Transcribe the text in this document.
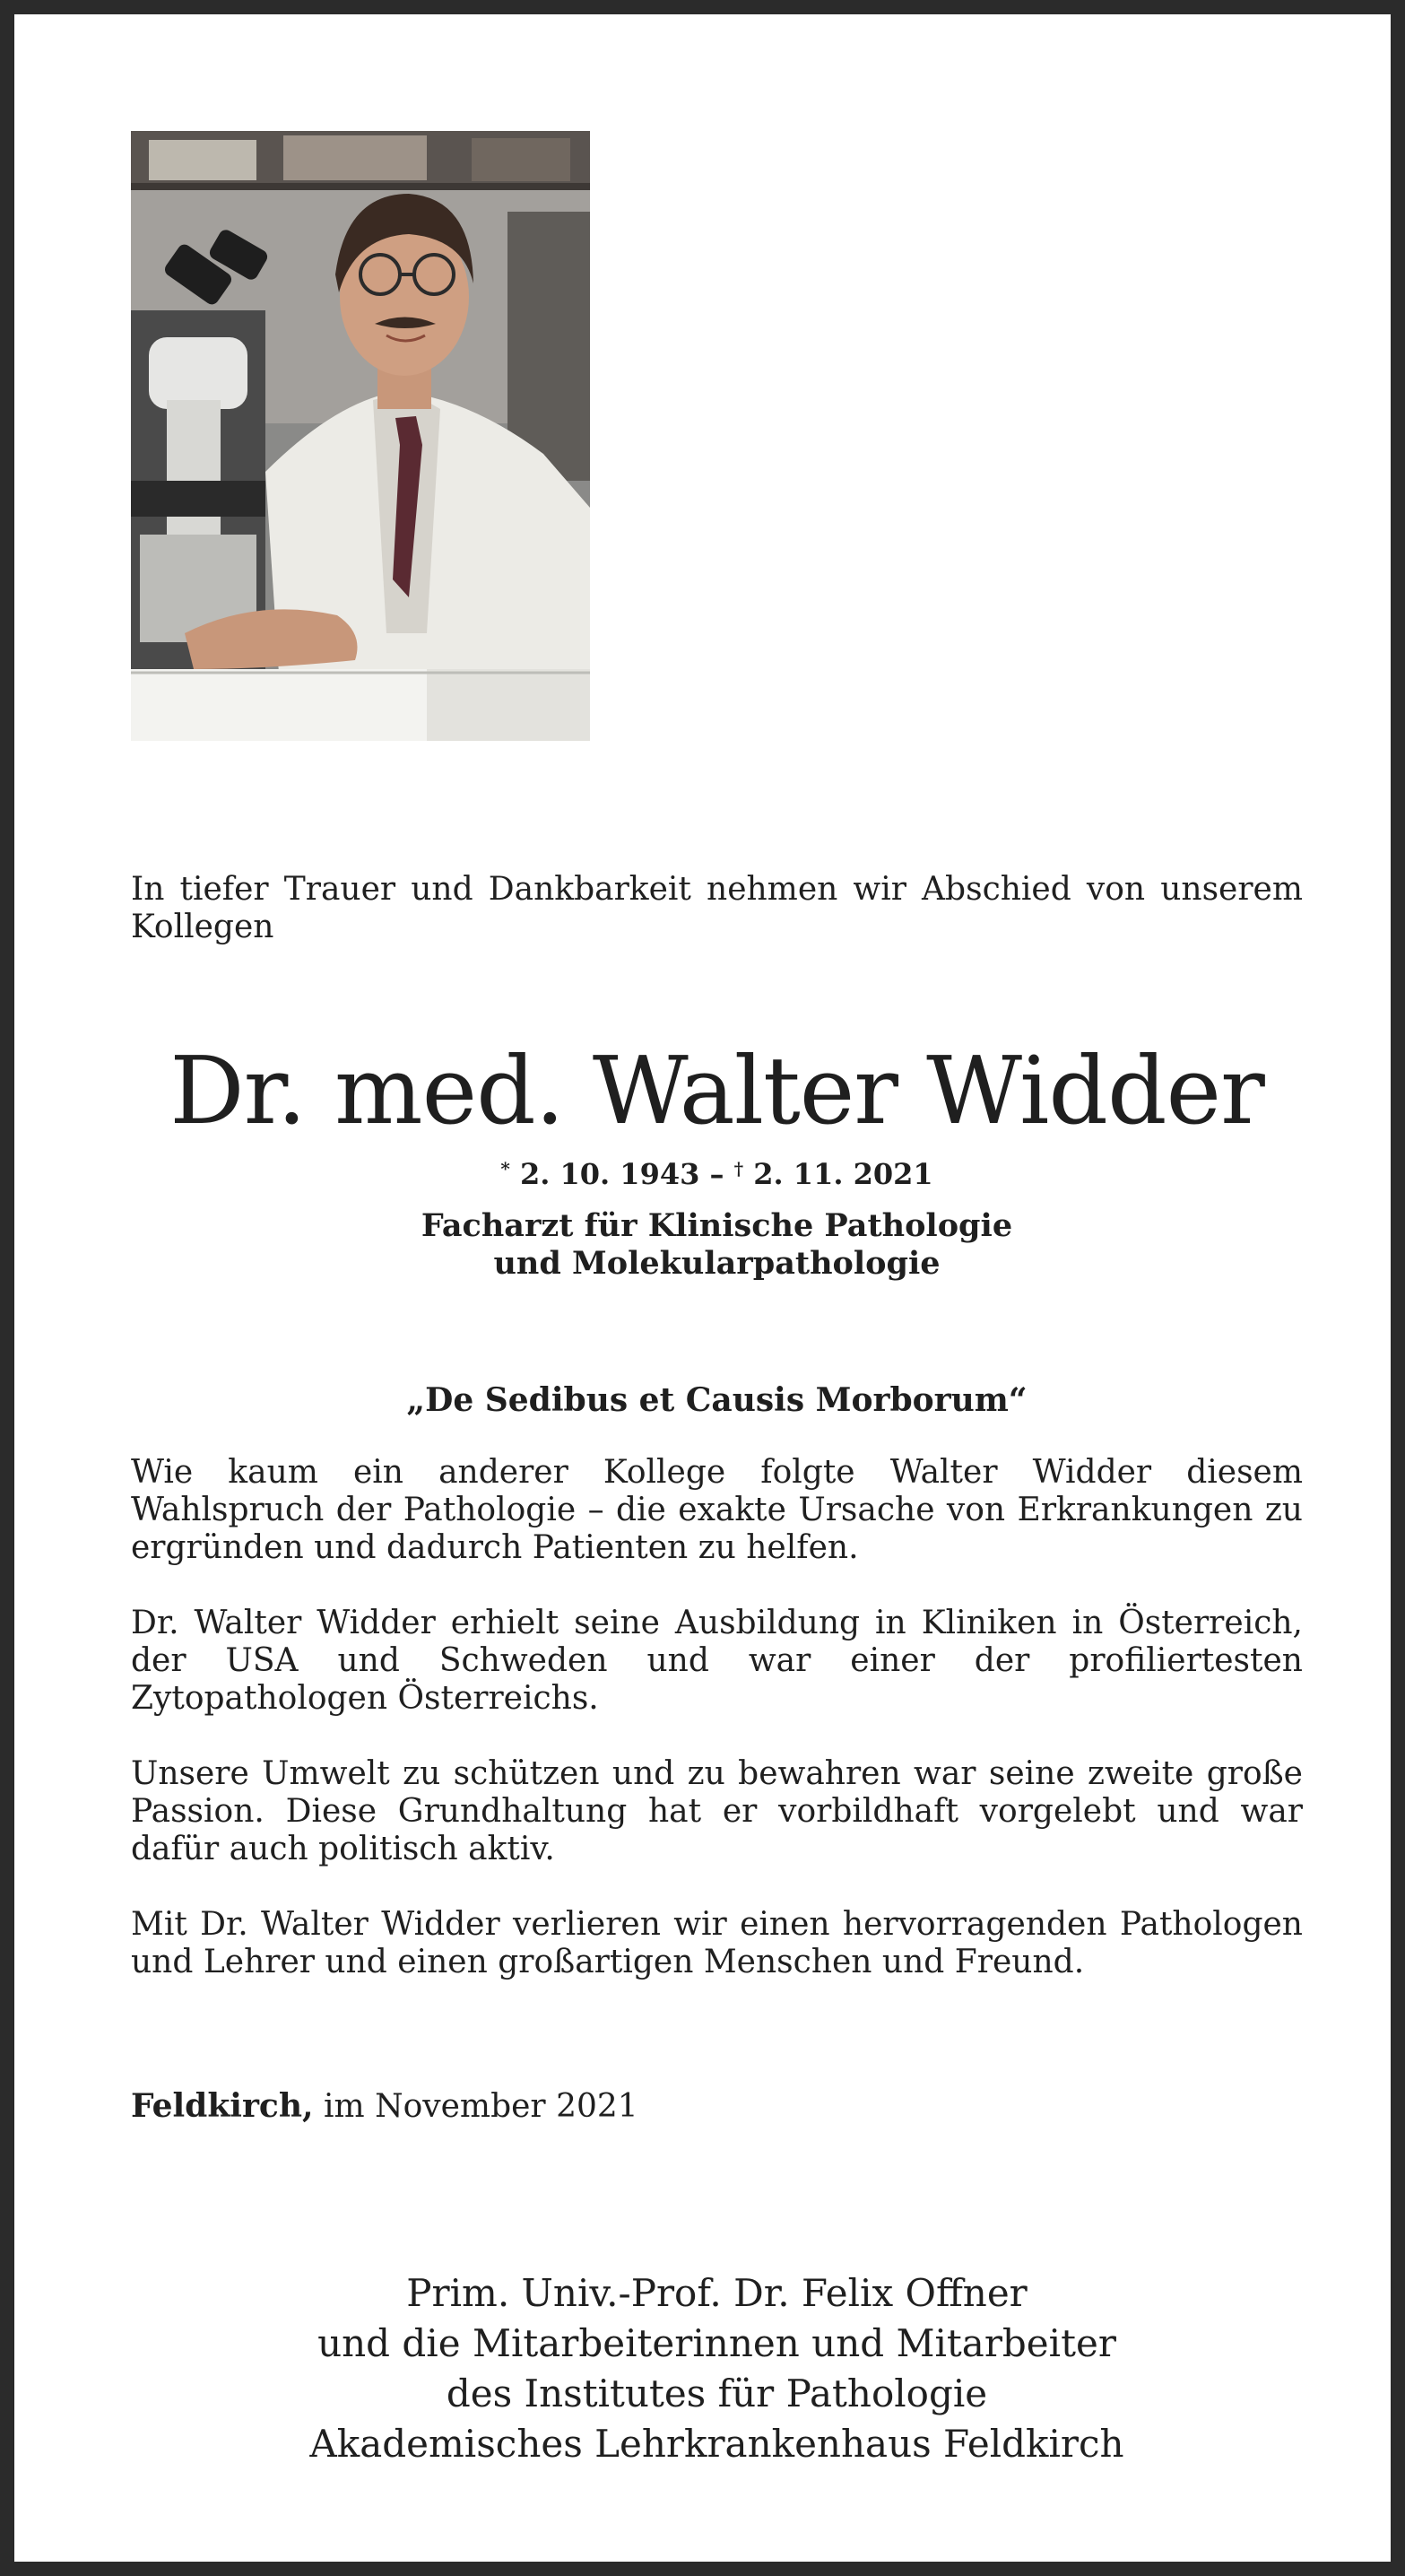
In tiefer Trauer und Dankbarkeit nehmen wir Abschied von unserem Kollegen
Dr. med. Walter Widder
* 2. 10. 1943 – † 2. 11. 2021
Facharzt für Klinische Pathologie
und Molekularpathologie
„De Sedibus et Causis Morborum“

Wie kaum ein anderer Kollege folgte Walter Widder diesem Wahlspruch der Pathologie – die exakte Ursache von Erkrankungen zu ergründen und dadurch Patienten zu helfen.

Dr. Walter Widder erhielt seine Ausbildung in Kliniken in Österreich, der USA und Schweden und war einer der profiliertesten Zytopathologen Österreichs.

Unsere Umwelt zu schützen und zu bewahren war seine zweite große Passion. Diese Grundhaltung hat er vorbildhaft vorgelebt und war dafür auch politisch aktiv.

Mit Dr. Walter Widder verlieren wir einen hervorragenden Pathologen und Lehrer und einen großartigen Menschen und Freund.

Feldkirch, im November 2021
Prim. Univ.-Prof. Dr. Felix Offner
und die Mitarbeiterinnen und Mitarbeiter
des Institutes für Pathologie
Akademisches Lehrkrankenhaus Feldkirch
